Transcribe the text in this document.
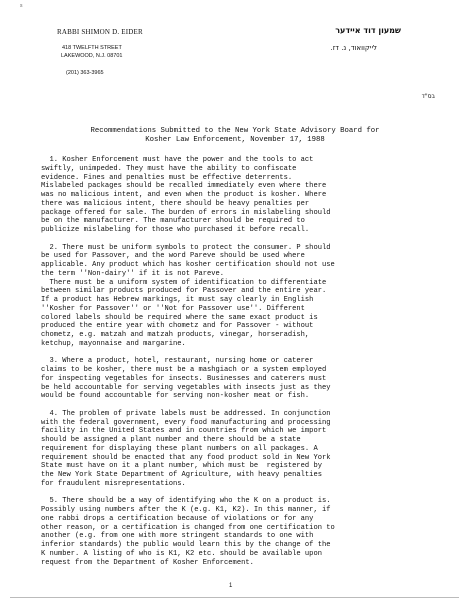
s
RABBI SHIMON D. EIDER
418 TWELFTH STREET
LAKEWOOD, N.J. 08701
(201) 363-3965
שמעון דוד איידער
לייקוואוד, נ. דז.
בס"ד
Recommendations Submitted to the New York State Advisory Board for
Kosher Law Enforcement, November 17, 1988
1. Kosher Enforcement must have the power and the tools to act
swiftly, unimpeded. They must have the ability to confiscate
evidence. Fines and penalties must be effective deterrents.
Mislabeled packages should be recalled immediately even where there
was no malicious intent, and even when the product is kosher. Where
there was malicious intent, there should be heavy penalties per
package offered for sale. The burden of errors in mislabeling should
be on the manufacturer. The manufacturer should be required to
publicize mislabeling for those who purchased it before recall.
2. There must be uniform symbols to protect the consumer. P should
be used for Passover, and the word Pareve should be used where
applicable. Any product which has kosher certification should not use
the term ''Non-dairy'' if it is not Pareve.
There must be a uniform system of identification to differentiate
between similar products produced for Passover and the entire year.
If a product has Hebrew markings, it must say clearly in English
''Kosher for Passover'' or ''Not for Passover use''. Different
colored labels should be required where the same exact product is
produced the entire year with chometz and for Passover - without
chometz, e.g. matzah and matzah products, vinegar, horseradish,
ketchup, mayonnaise and margarine.
3. Where a product, hotel, restaurant, nursing home or caterer
claims to be kosher, there must be a mashgiach or a system employed
for inspecting vegetables for insects. Businesses and caterers must
be held accountable for serving vegetables with insects just as they
would be found accountable for serving non-kosher meat or fish.
4. The problem of private labels must be addressed. In conjunction
with the federal government, every food manufacturing and processing
facility in the United States and in countries from which we import
should be assigned a plant number and there should be a state
requirement for displaying these plant numbers on all packages. A
requirement should be enacted that any food product sold in New York
State must have on it a plant number, which must be  registered by
the New York State Department of Agriculture, with heavy penalties
for fraudulent misrepresentations.
5. There should be a way of identifying who the K on a product is.
Possibly using numbers after the K (e.g. K1, K2). In this manner, if
one rabbi drops a certification because of violations or for any
other reason, or a certification is changed from one certification to
another (e.g. from one with more stringent standards to one with
inferior standards) the public would learn this by the change of the
K number. A listing of who is K1, K2 etc. should be available upon
request from the Department of Kosher Enforcement.
1
